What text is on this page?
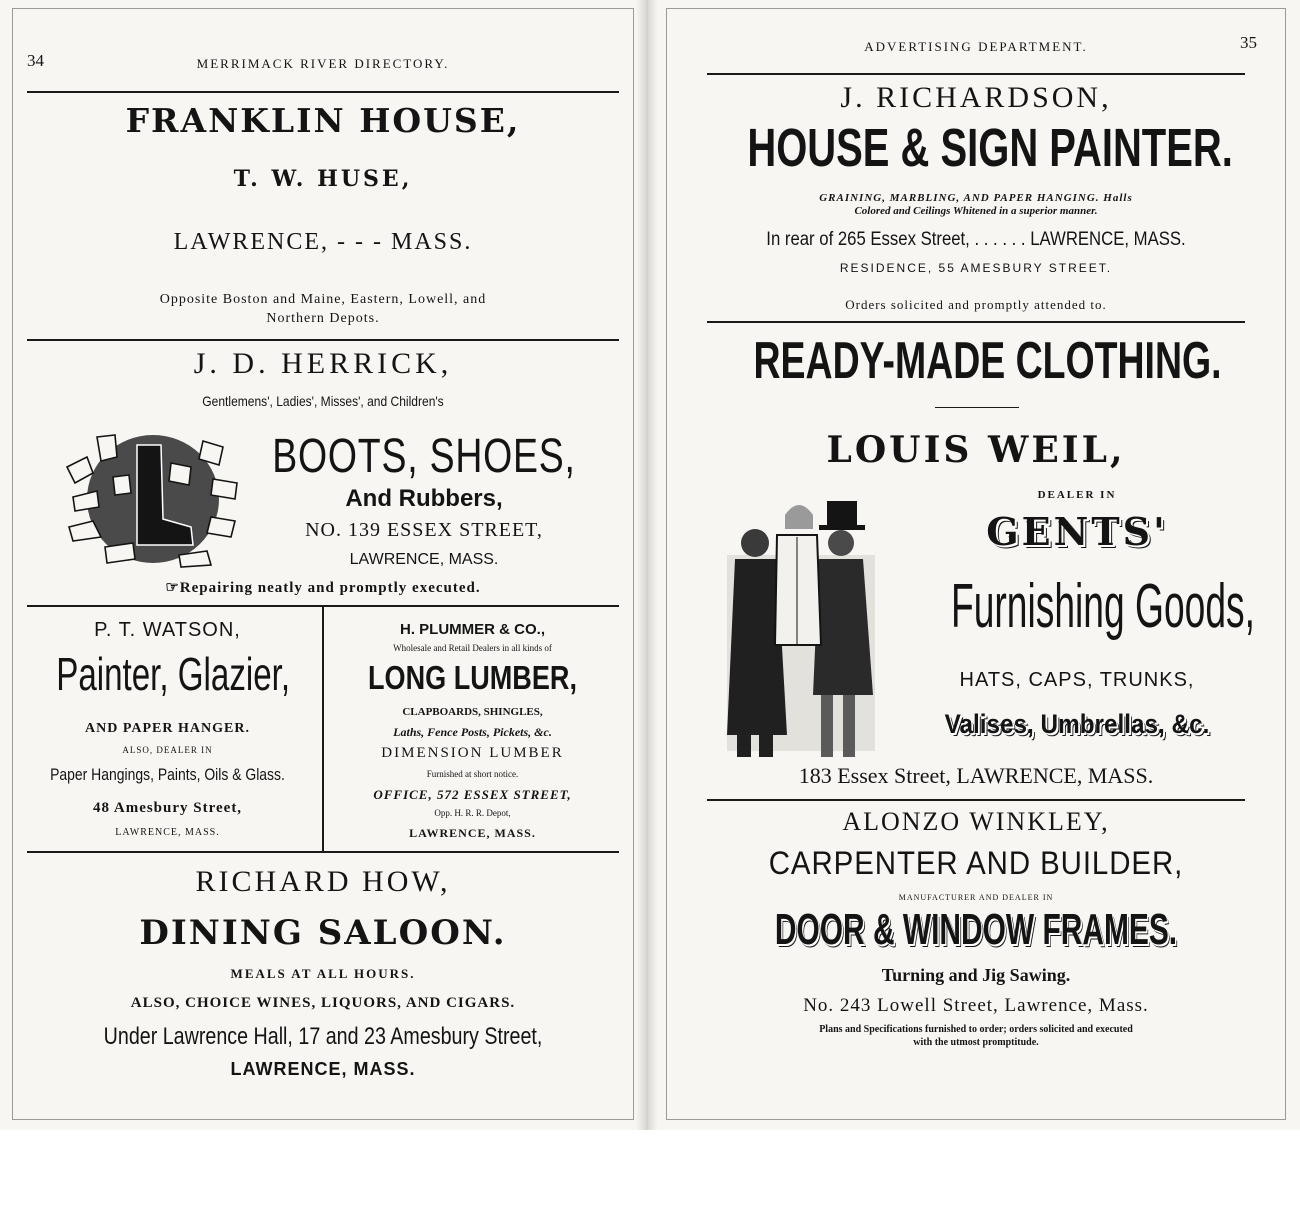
34	MERRIMACK RIVER DIRECTORY.
FRANKLIN HOUSE,
T. W. HUSE,
LAWRENCE, - - - MASS.
Opposite Boston and Maine, Eastern, Lowell, and
Northern Depots.
J. D. HERRICK,
Gentlemens', Ladies', Misses', and Children's
BOOTS, SHOES,
And Rubbers,
NO. 139 ESSEX STREET,
LAWRENCE, MASS.
☞Repairing neatly and promptly executed.
P. T. WATSON,
Painter, Glazier,
AND PAPER HANGER.
ALSO, DEALER IN
Paper Hangings, Paints, Oils & Glass.
48 Amesbury Street,
LAWRENCE, MASS.
H. PLUMMER & CO.,
Wholesale and Retail Dealers in all kinds of
LONG LUMBER,
CLAPBOARDS, SHINGLES,
Laths, Fence Posts, Pickets, &c.
DIMENSION LUMBER
Furnished at short notice.
OFFICE, 572 ESSEX STREET,
Opp. H. R. R. Depot,
LAWRENCE, MASS.
RICHARD HOW,
DINING SALOON.
MEALS AT ALL HOURS.
ALSO, CHOICE WINES, LIQUORS, AND CIGARS.
Under Lawrence Hall, 17 and 23 Amesbury Street,
LAWRENCE, MASS.
ADVERTISING DEPARTMENT.	35
J. RICHARDSON,
HOUSE & SIGN PAINTER.
GRAINING, MARBLING, AND PAPER HANGING. Halls
Colored and Ceilings Whitened in a superior manner.
In rear of 265 Essex Street, . . . . . . LAWRENCE, MASS.
RESIDENCE, 55 AMESBURY STREET.
Orders solicited and promptly attended to.
READY-MADE CLOTHING.
LOUIS WEIL,
DEALER IN
GENTS'
Furnishing Goods,
HATS, CAPS, TRUNKS,
Valises, Umbrellas, &c.
183 Essex Street, LAWRENCE, MASS.
ALONZO WINKLEY,
CARPENTER AND BUILDER,
MANUFACTURER AND DEALER IN
DOOR & WINDOW FRAMES.
Turning and Jig Sawing.
No. 243 Lowell Street, Lawrence, Mass.
Plans and Specifications furnished to order; orders solicited and executed
with the utmost promptitude.
